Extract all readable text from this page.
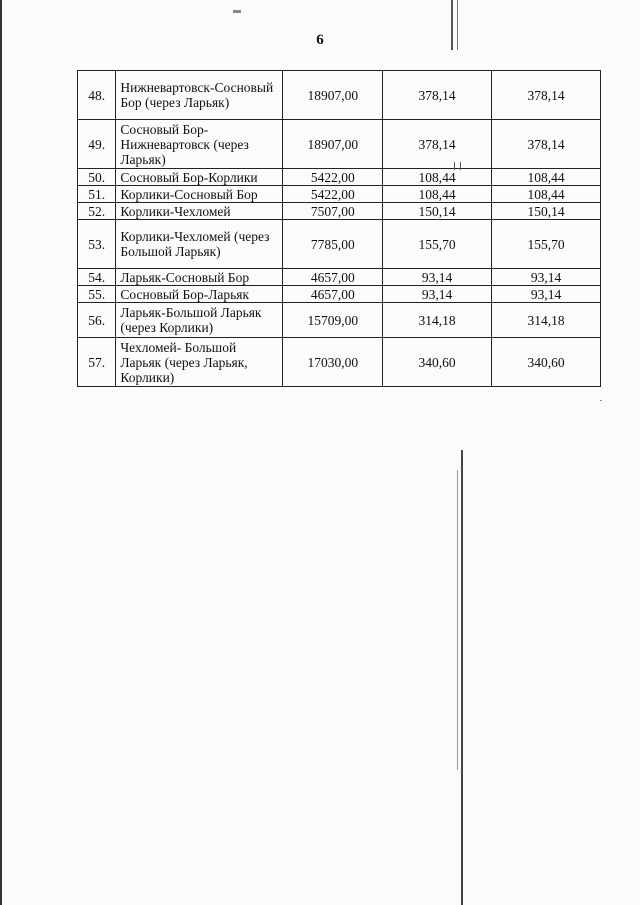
6
48.	Нижневартовск-Сосновый Бор (через Ларьяк)	18907,00	378,14	378,14
49.	Сосновый Бор-Нижневартовск (через Ларьяк)	18907,00	378,14	378,14
50.	Сосновый Бор-Корлики	5422,00	108,44	108,44
51.	Корлики-Сосновый Бор	5422,00	108,44	108,44
52.	Корлики-Чехломей	7507,00	150,14	150,14
53.	Корлики-Чехломей (через Большой Ларьяк)	7785,00	155,70	155,70
54.	Ларьяк-Сосновый Бор	4657,00	93,14	93,14
55.	Сосновый Бор-Ларьяк	4657,00	93,14	93,14
56.	Ларьяк-Большой Ларьяк (через Корлики)	15709,00	314,18	314,18
57.	Чехломей- Большой Ларьяк (через Ларьяк, Корлики)	17030,00	340,60	340,60
